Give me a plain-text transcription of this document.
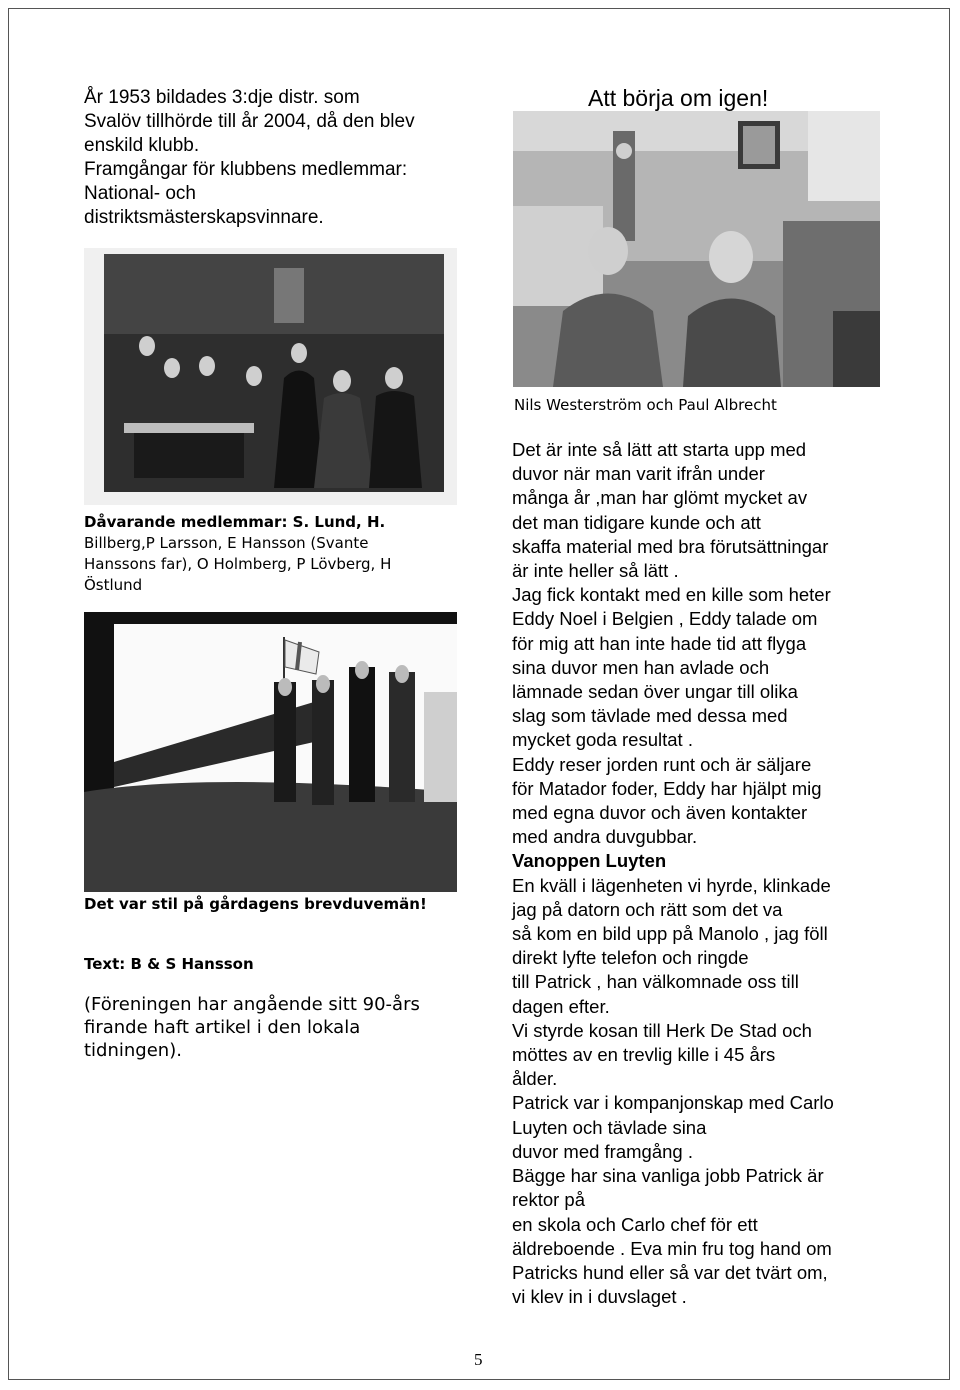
År 1953 bildades 3:dje distr. som
Svalöv tillhörde till år 2004, då den blev
enskild klubb.
Framgångar för klubbens medlemmar:
National- och
distriktsmästerskapsvinnare.
Att börja om igen!
Nils Westerström och Paul Albrecht
Dåvarande medlemmar: S. Lund, H.
Billberg,P Larsson, E Hansson (Svante
Hanssons far), O Holmberg, P Lövberg, H
Östlund
Det var stil på gårdagens brevduvemän!
Text: B & S Hansson
(Föreningen har angående sitt 90-års
firande haft artikel i den lokala
tidningen).
Det är inte så lätt att starta upp med
duvor när man varit ifrån under
många år ,man har glömt mycket av
det man tidigare kunde och att
skaffa material med bra förutsättningar
är inte heller så lätt .
Jag fick kontakt med en kille som heter
Eddy Noel i Belgien , Eddy talade om
för mig att han inte hade tid att flyga
sina duvor men han avlade och
lämnade sedan över ungar till olika
slag som tävlade med dessa med
mycket goda resultat .
Eddy reser jorden runt och är säljare
för Matador foder, Eddy har hjälpt mig
med egna duvor och även kontakter
med andra duvgubbar.
Vanoppen Luyten
En kväll i lägenheten vi hyrde, klinkade
jag på datorn och rätt som det va
så kom en bild upp på Manolo , jag föll
direkt lyfte telefon och ringde
till Patrick , han välkomnade oss till
dagen efter.
Vi styrde kosan till Herk De Stad och
möttes av en trevlig kille i 45 års
ålder.
Patrick var i kompanjonskap med Carlo
Luyten och tävlade sina
duvor med framgång .
Bägge har sina vanliga jobb Patrick är
rektor på
en skola och Carlo chef för ett
äldreboende . Eva min fru tog hand om
Patricks hund eller så var det tvärt om,
vi klev in i duvslaget .
5
